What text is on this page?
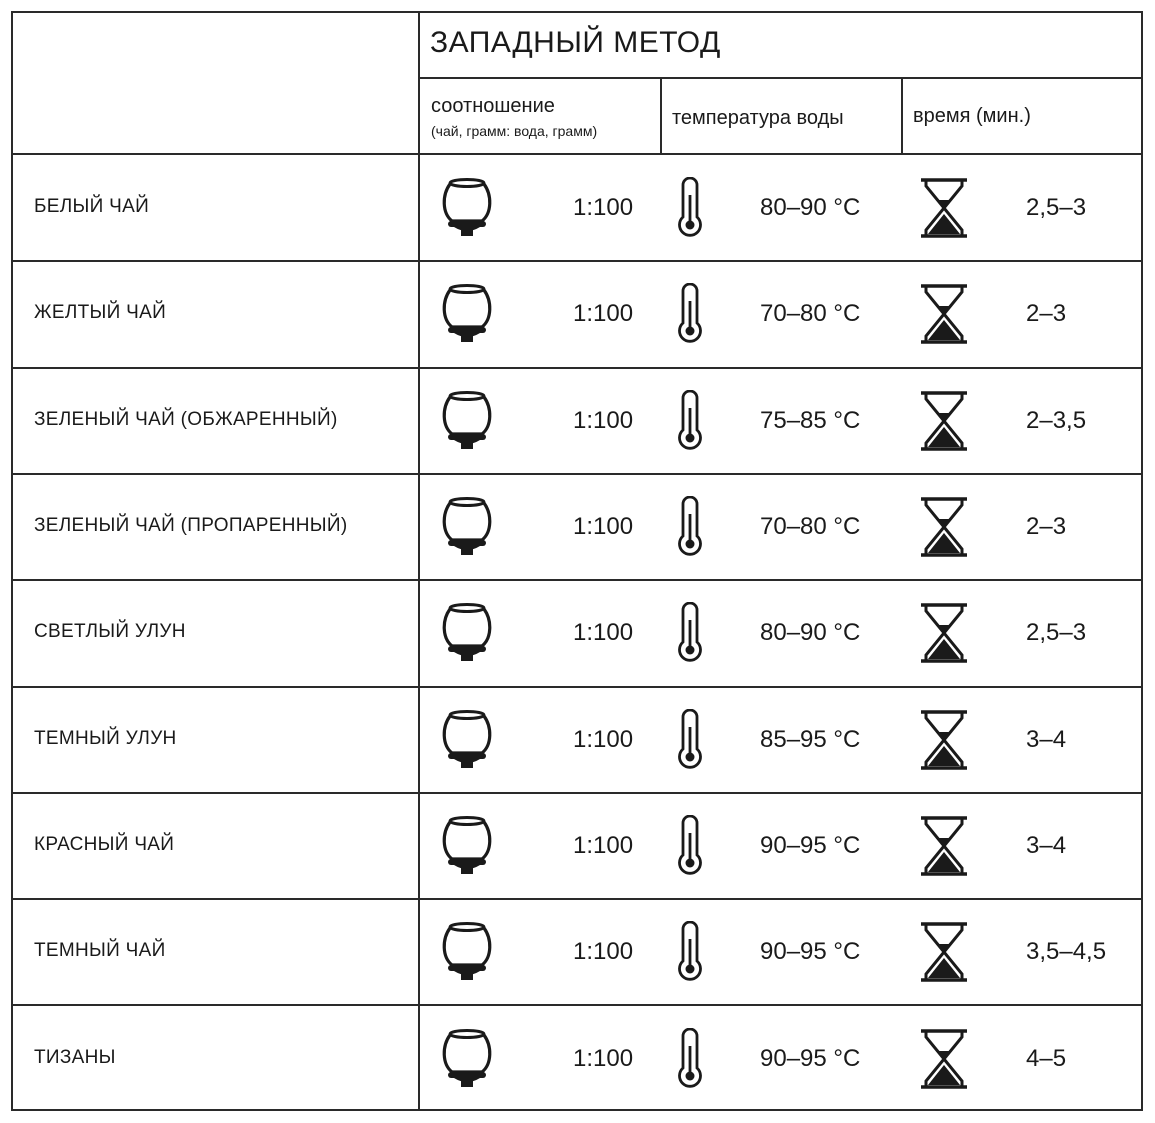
ЗАПАДНЫЙ МЕТОД
соотношение
(чай, грамм: вода, грамм)
температура воды	время (мин.)
БЕЛЫЙ ЧАЙ	1:100	80–90 °C	2,5–3
ЖЕЛТЫЙ ЧАЙ	1:100	70–80 °C	2–3
ЗЕЛЕНЫЙ ЧАЙ (ОБЖАРЕННЫЙ)	1:100	75–85 °C	2–3,5
ЗЕЛЕНЫЙ ЧАЙ (ПРОПАРЕННЫЙ)	1:100	70–80 °C	2–3
СВЕТЛЫЙ УЛУН	1:100	80–90 °C	2,5–3
ТЕМНЫЙ УЛУН	1:100	85–95 °C	3–4
КРАСНЫЙ ЧАЙ	1:100	90–95 °C	3–4
ТЕМНЫЙ ЧАЙ	1:100	90–95 °C	3,5–4,5
ТИЗАНЫ	1:100	90–95 °C	4–5
